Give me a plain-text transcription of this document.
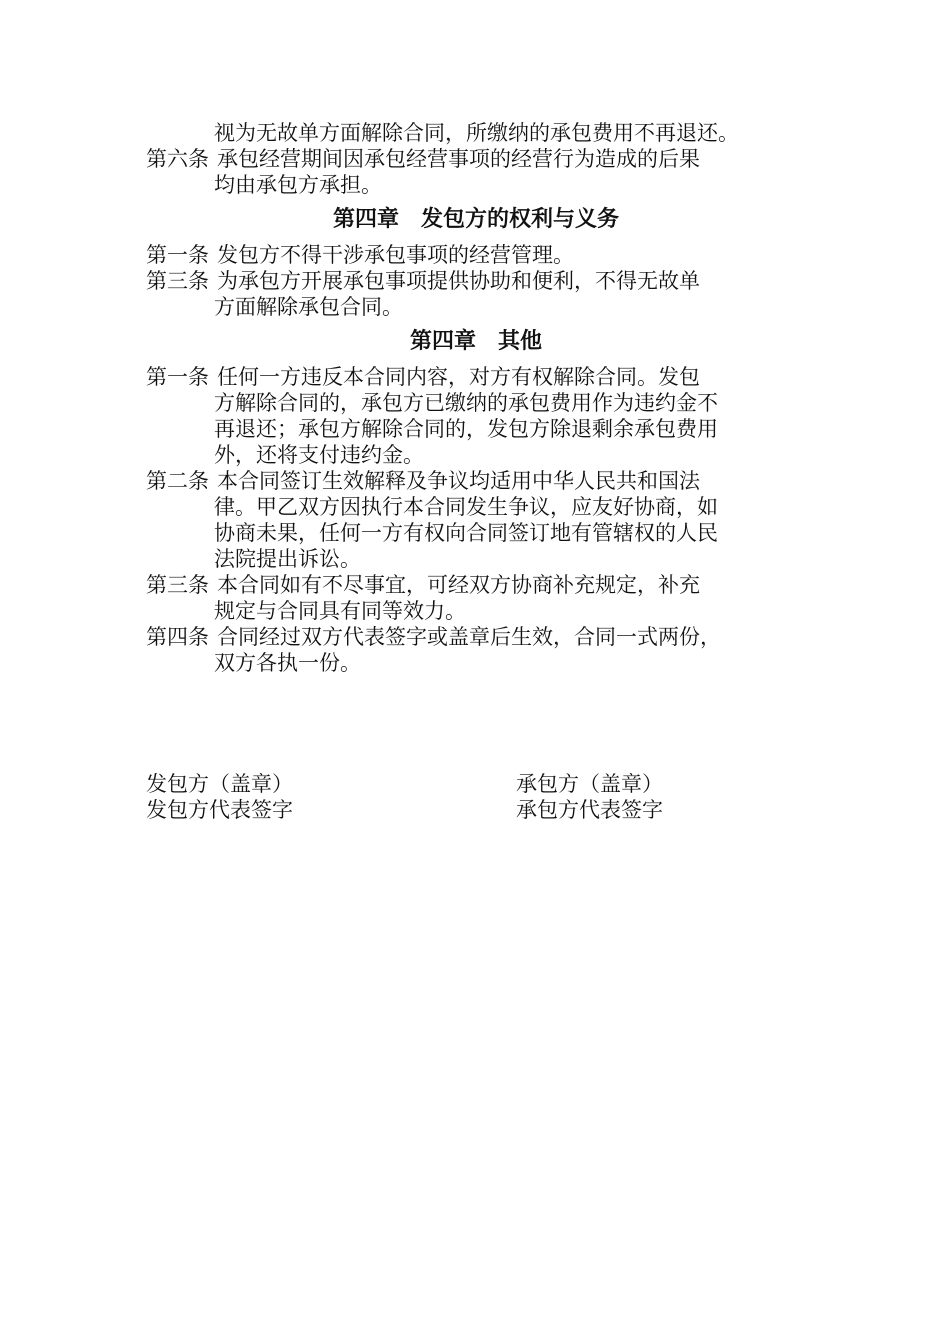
视为无故单方面解除合同，所缴纳的承包费用不再退还。
第六条 承包经营期间因承包经营事项的经营行为造成的后果
均由承包方承担。
第四章　发包方的权利与义务
第一条 发包方不得干涉承包事项的经营管理。
第三条 为承包方开展承包事项提供协助和便利，不得无故单
方面解除承包合同。
第四章　其他
第一条 任何一方违反本合同内容，对方有权解除合同。发包
方解除合同的，承包方已缴纳的承包费用作为违约金不
再退还；承包方解除合同的，发包方除退剩余承包费用
外，还将支付违约金。
第二条 本合同签订生效解释及争议均适用中华人民共和国法
律。甲乙双方因执行本合同发生争议，应友好协商，如
协商未果，任何一方有权向合同签订地有管辖权的人民
法院提出诉讼。
第三条 本合同如有不尽事宜，可经双方协商补充规定，补充
规定与合同具有同等效力。
第四条 合同经过双方代表签字或盖章后生效，合同一式两份，
双方各执一份。
发包方（盖章）	承包方（盖章）
发包方代表签字	承包方代表签字
